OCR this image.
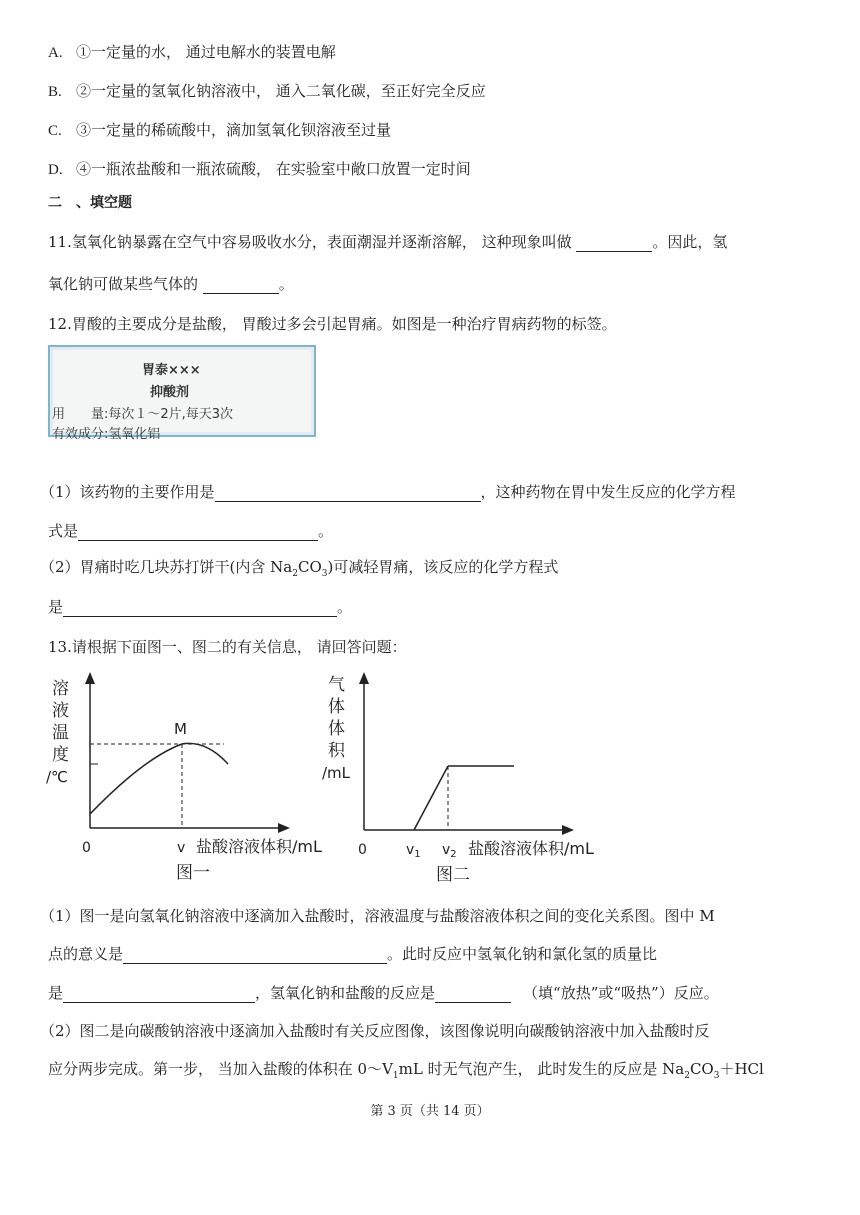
A. ①一定量的水， 通过电解水的装置电解
B. ②一定量的氢氧化钠溶液中， 通入二氧化碳，至正好完全反应
C. ③一定量的稀硫酸中，滴加氢氧化钡溶液至过量
D. ④一瓶浓盐酸和一瓶浓硫酸， 在实验室中敞口放置一定时间
二　、填空题
11.氢氧化钠暴露在空气中容易吸收水分，表面潮湿并逐渐溶解， 这种现象叫做	。因此，氢
氧化钠可做某些气体的	。
12.胃酸的主要成分是盐酸， 胃酸过多会引起胃痛。如图是一种治疗胃病药物的标签。
胃泰×××
抑酸剂
用　　量:每次１～2片,每天3次
有效成分:氢氧化铝
（1）该药物的主要作用是	，这种药物在胃中发生反应的化学方程
式是	。
（2）胃痛时吃几块苏打饼干(内含 $Na_2CO_3$)可减轻胃痛，该反应的化学方程式
是	。
13.请根据下面图一、图二的有关信息， 请回答问题：
溶
液
温
度
/℃
M
0	v 盐酸溶液体积/mL
图一
气
体
体
积
/mL
0	$v_1$ $v_2$ 盐酸溶液体积/mL
图二
（1）图一是向氢氧化钠溶液中逐滴加入盐酸时，溶液温度与盐酸溶液体积之间的变化关系图。图中 M
点的意义是	。此时反应中氢氧化钠和氯化氢的质量比
是	，氢氧化钠和盐酸的反应是	（填“放热”或“吸热”）反应。
（2）图二是向碳酸钠溶液中逐滴加入盐酸时有关反应图像，该图像说明向碳酸钠溶液中加入盐酸时反
应分两步完成。第一步， 当加入盐酸的体积在 $0\sim V_1mL$ 时无气泡产生， 此时发生的反应是 $Na_2CO_3+HCl$
第 3 页（共 14 页）
